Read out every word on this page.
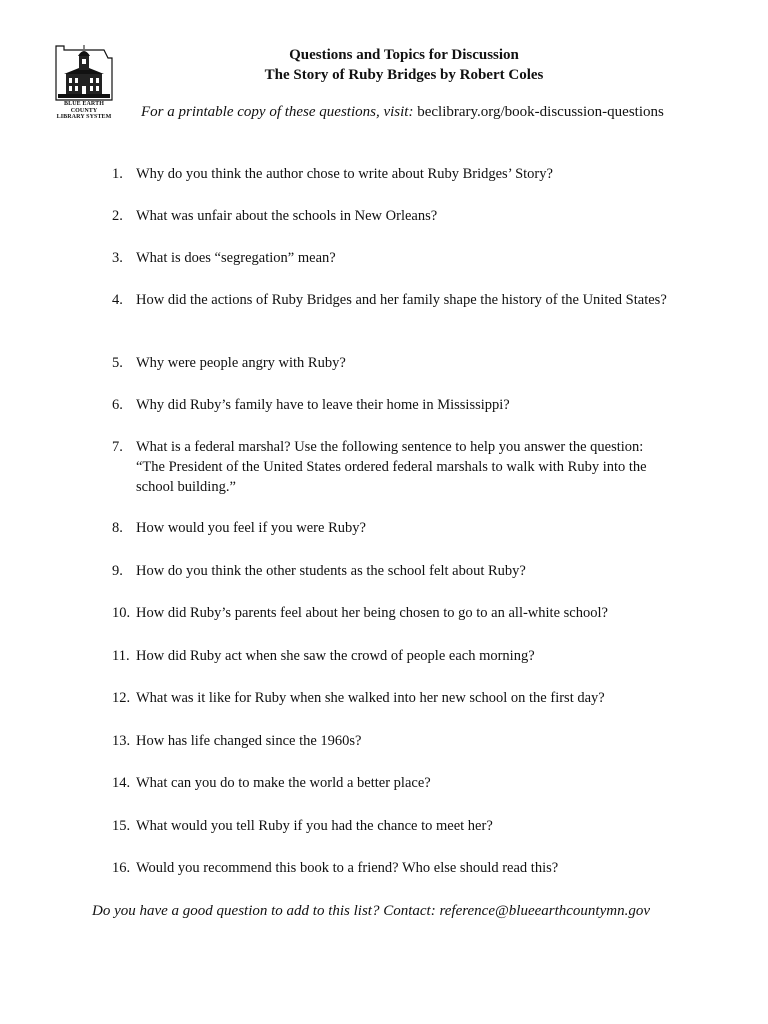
BLUE EARTH COUNTY
LIBRARY SYSTEM
Questions and Topics for Discussion
The Story of Ruby Bridges by Robert Coles
For a printable copy of these questions, visit: beclibrary.org/book-discussion-questions
1. Why do you think the author chose to write about Ruby Bridges’ Story?
2. What was unfair about the schools in New Orleans?
3. What is does “segregation” mean?
4. How did the actions of Ruby Bridges and her family shape the history of the United States?
5. Why were people angry with Ruby?
6. Why did Ruby’s family have to leave their home in Mississippi?
7. What is a federal marshal? Use the following sentence to help you answer the question: “The President of the United States ordered federal marshals to walk with Ruby into the school building.”
8. How would you feel if you were Ruby?
9. How do you think the other students as the school felt about Ruby?
10. How did Ruby’s parents feel about her being chosen to go to an all-white school?
11. How did Ruby act when she saw the crowd of people each morning?
12. What was it like for Ruby when she walked into her new school on the first day?
13. How has life changed since the 1960s?
14. What can you do to make the world a better place?
15. What would you tell Ruby if you had the chance to meet her?
16. Would you recommend this book to a friend? Who else should read this?
Do you have a good question to add to this list? Contact: reference@blueearthcountymn.gov
